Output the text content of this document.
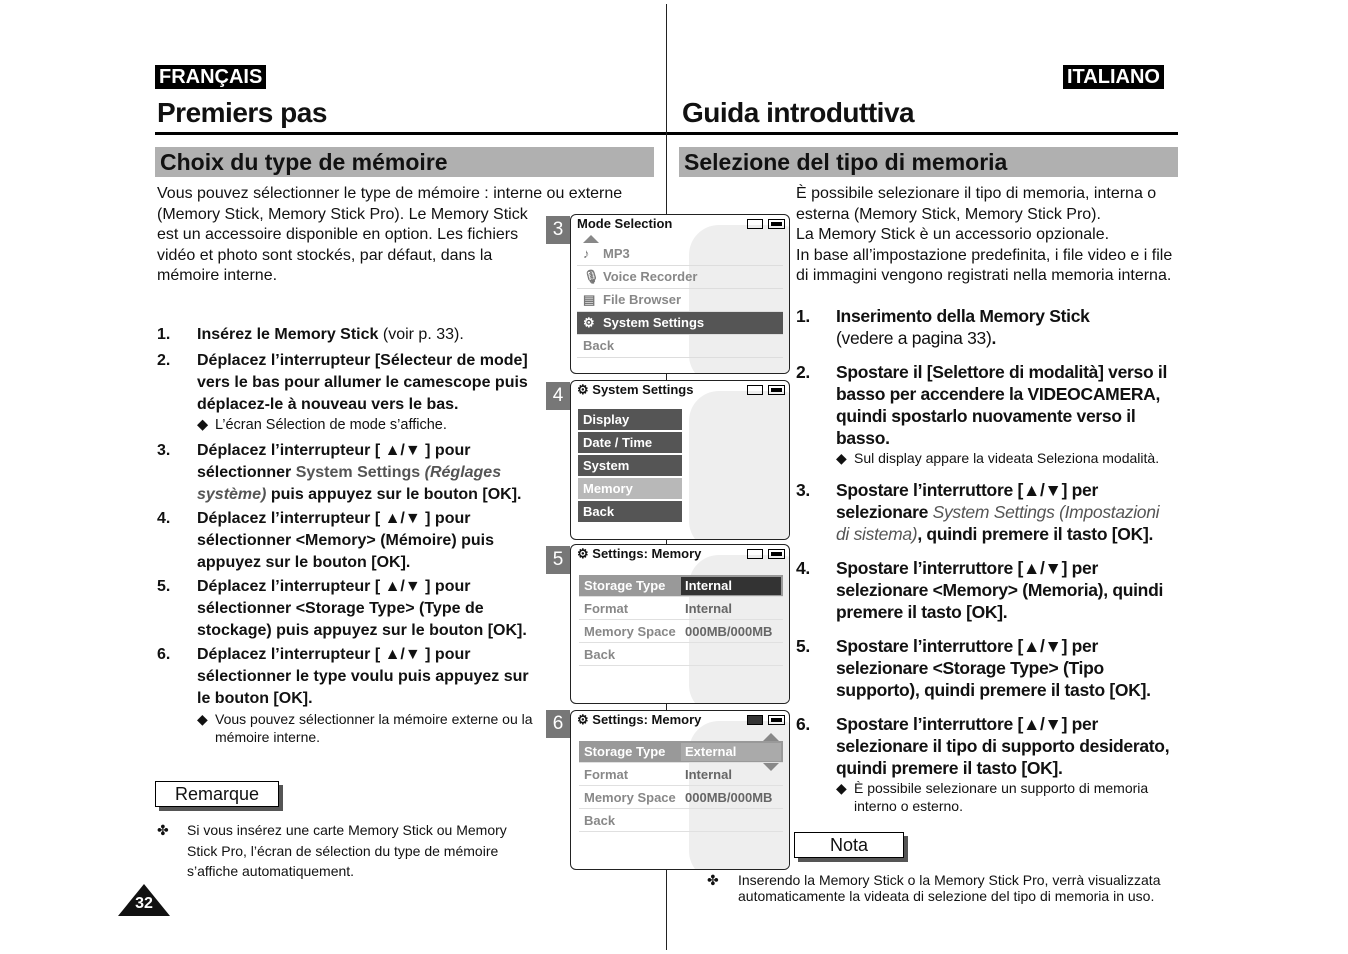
FRANÇAIS
Premiers pas
Choix du type de mémoire
Vous pouvez sélectionner le type de mémoire : interne ou externe
(Memory Stick, Memory Stick Pro). Le Memory Stick
est un accessoire disponible en option. Les fichiers
vidéo et photo sont stockés, par défaut, dans la
mémoire interne.
1. Insérez le Memory Stick (voir p. 33).
2. Déplacez l’interrupteur [Sélecteur de mode] vers le bas pour allumer le camescope puis déplacez-le à nouveau vers le bas.
◆ L’écran Sélection de mode s’affiche.
3. Déplacez l’interrupteur [ ▲/▼ ] pour sélectionner System Settings (Réglages système) puis appuyez sur le bouton [OK].
4. Déplacez l’interrupteur [ ▲/▼ ] pour sélectionner <Memory> (Mémoire) puis appuyez sur le bouton [OK].
5. Déplacez l’interrupteur [ ▲/▼ ] pour sélectionner <Storage Type> (Type de stockage) puis appuyez sur le bouton [OK].
6. Déplacez l’interrupteur [ ▲/▼ ] pour sélectionner le type voulu puis appuyez sur le bouton [OK].
◆ Vous pouvez sélectionner la mémoire externe ou la mémoire interne.
Remarque
✤ Si vous insérez une carte Memory Stick ou Memory Stick Pro, l’écran de sélection du type de mémoire s’affiche automatiquement.
32
3	Mode Selection
♪ MP3
🎙 Voice Recorder
▤ File Browser
⚙ System Settings
Back
4	⚙ System Settings
Display
Date / Time
System
Memory
Back
5	⚙ Settings: Memory
Storage Type	Internal
Format	Internal
Memory Space 000MB/000MB
Back
6	⚙ Settings: Memory
Storage Type	External
Format	Internal
Memory Space 000MB/000MB
Back
ITALIANO
Guida introduttiva
Selezione del tipo di memoria
È possibile selezionare il tipo di memoria, interna o
esterna (Memory Stick, Memory Stick Pro).
La Memory Stick è un accessorio opzionale.
In base all’impostazione predefinita, i file video e i file
di immagini vengono registrati nella memoria interna.
1. Inserimento della Memory Stick
(vedere a pagina 33).
2. Spostare il [Selettore di modalità] verso il basso per accendere la VIDEOCAMERA, quindi spostarlo nuovamente verso il basso.
◆ Sul display appare la videata Seleziona modalità.
3. Spostare l’interruttore [▲/▼] per selezionare System Settings (Impostazioni di sistema), quindi premere il tasto [OK].
4. Spostare l’interruttore [▲/▼] per selezionare <Memory> (Memoria), quindi premere il tasto [OK].
5. Spostare l’interruttore [▲/▼] per selezionare <Storage Type> (Tipo supporto), quindi premere il tasto [OK].
6. Spostare l’interruttore [▲/▼] per selezionare il tipo di supporto desiderato, quindi premere il tasto [OK].
◆ È possibile selezionare un supporto di memoria interno o esterno.
Nota
✤ Inserendo la Memory Stick o la Memory Stick Pro, verrà visualizzata automaticamente la videata di selezione del tipo di memoria in uso.
